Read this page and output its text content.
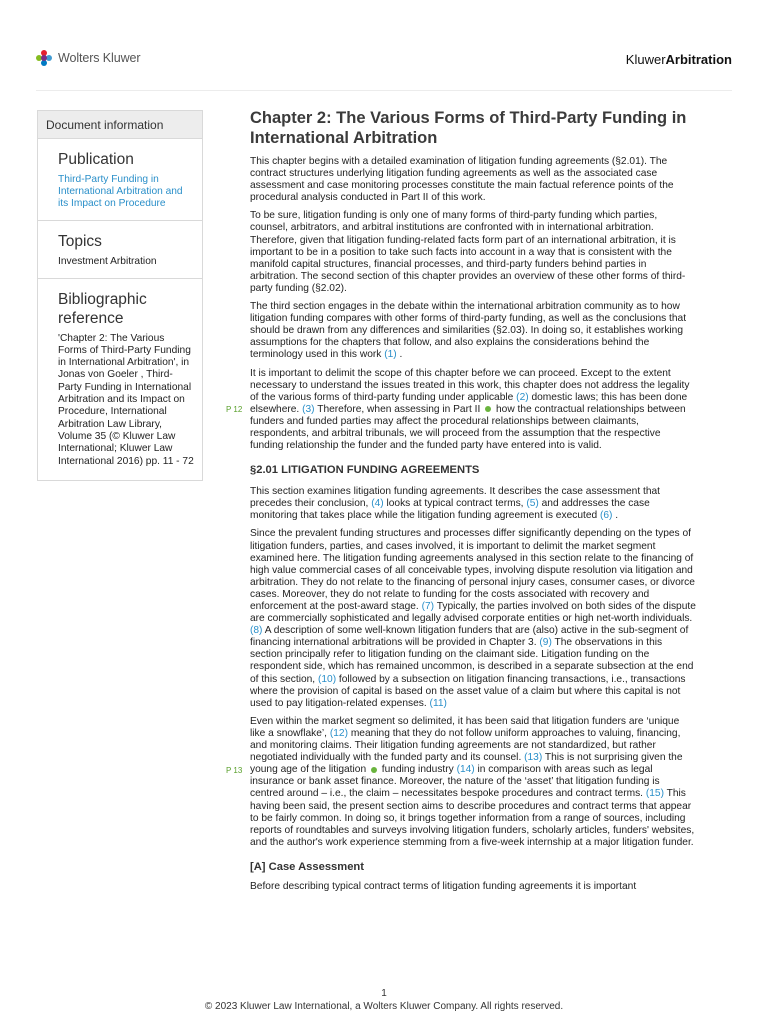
Wolters Kluwer	KluwerArbitration
Document information
Publication
Third-Party Funding in International Arbitration and its Impact on Procedure
Topics
Investment Arbitration
Bibliographic reference
'Chapter 2: The Various Forms of Third-Party Funding in International Arbitration', in Jonas von Goeler , Third-Party Funding in International Arbitration and its Impact on Procedure, International Arbitration Law Library, Volume 35 (© Kluwer Law International; Kluwer Law International 2016) pp. 11 - 72
Chapter 2: The Various Forms of Third-Party Funding in International Arbitration

This chapter begins with a detailed examination of litigation funding agreements (§2.01). The contract structures underlying litigation funding agreements as well as the associated case assessment and case monitoring processes constitute the main factual reference points of the procedural analysis conducted in Part II of this work.

To be sure, litigation funding is only one of many forms of third-party funding which parties, counsel, arbitrators, and arbitral institutions are confronted with in international arbitration. Therefore, given that litigation funding-related facts form part of an international arbitration, it is important to be in a position to take such facts into account in a way that is consistent with the manifold capital structures, financial processes, and third-party funders behind parties in arbitration. The second section of this chapter provides an overview of these other forms of third-party funding (§2.02).

The third section engages in the debate within the international arbitration community as to how litigation funding compares with other forms of third-party funding, as well as the conclusions that should be drawn from any differences and similarities (§2.03). In doing so, it establishes working assumptions for the chapters that follow, and also explains the considerations behind the terminology used in this work (1) .

P 12
It is important to delimit the scope of this chapter before we can proceed. Except to the extent necessary to understand the issues treated in this work, this chapter does not address the legality of the various forms of third-party funding under applicable (2) domestic laws; this has been done elsewhere. (3) Therefore, when assessing in Part II how the contractual relationships between funders and funded parties may affect the procedural relationships between claimants, respondents, and arbitral tribunals, we will proceed from the assumption that the respective funding relationship the funder and the funded party have entered into is valid.

§2.01 LITIGATION FUNDING AGREEMENTS

This section examines litigation funding agreements. It describes the case assessment that precedes their conclusion, (4) looks at typical contract terms, (5) and addresses the case monitoring that takes place while the litigation funding agreement is executed (6) .

Since the prevalent funding structures and processes differ significantly depending on the types of litigation funders, parties, and cases involved, it is important to delimit the market segment examined here. The litigation funding agreements analysed in this section relate to the financing of high value commercial cases of all conceivable types, involving dispute resolution via litigation and arbitration. They do not relate to the financing of personal injury cases, consumer cases, or divorce cases. Moreover, they do not relate to funding for the costs associated with recovery and enforcement at the post-award stage. (7) Typically, the parties involved on both sides of the dispute are commercially sophisticated and legally advised corporate entities or high net-worth individuals. (8) A description of some well-known litigation funders that are (also) active in the sub-segment of financing international arbitrations will be provided in Chapter 3. (9) The observations in this section principally refer to litigation funding on the claimant side. Litigation funding on the respondent side, which has remained uncommon, is described in a separate subsection at the end of this section, (10) followed by a subsection on litigation financing transactions, i.e., transactions where the provision of capital is based on the asset value of a claim but where this capital is not used to pay litigation-related expenses. (11)

P 13
Even within the market segment so delimited, it has been said that litigation funders are ‘unique like a snowflake’, (12) meaning that they do not follow uniform approaches to valuing, financing, and monitoring claims. Their litigation funding agreements are not standardized, but rather negotiated individually with the funded party and its counsel. (13) This is not surprising given the young age of the litigation  funding industry (14) in comparison with areas such as legal insurance or bank asset finance. Moreover, the nature of the ‘asset’ that litigation funding is centred around – i.e., the claim – necessitates bespoke procedures and contract terms. (15) This having been said, the present section aims to describe procedures and contract terms that appear to be fairly common. In doing so, it brings together information from a range of sources, including reports of roundtables and surveys involving litigation funders, scholarly articles, funders' websites, and the author's work experience stemming from a five-week internship at a major litigation funder.

[A] Case Assessment

Before describing typical contract terms of litigation funding agreements it is important

1
© 2023 Kluwer Law International, a Wolters Kluwer Company. All rights reserved.
